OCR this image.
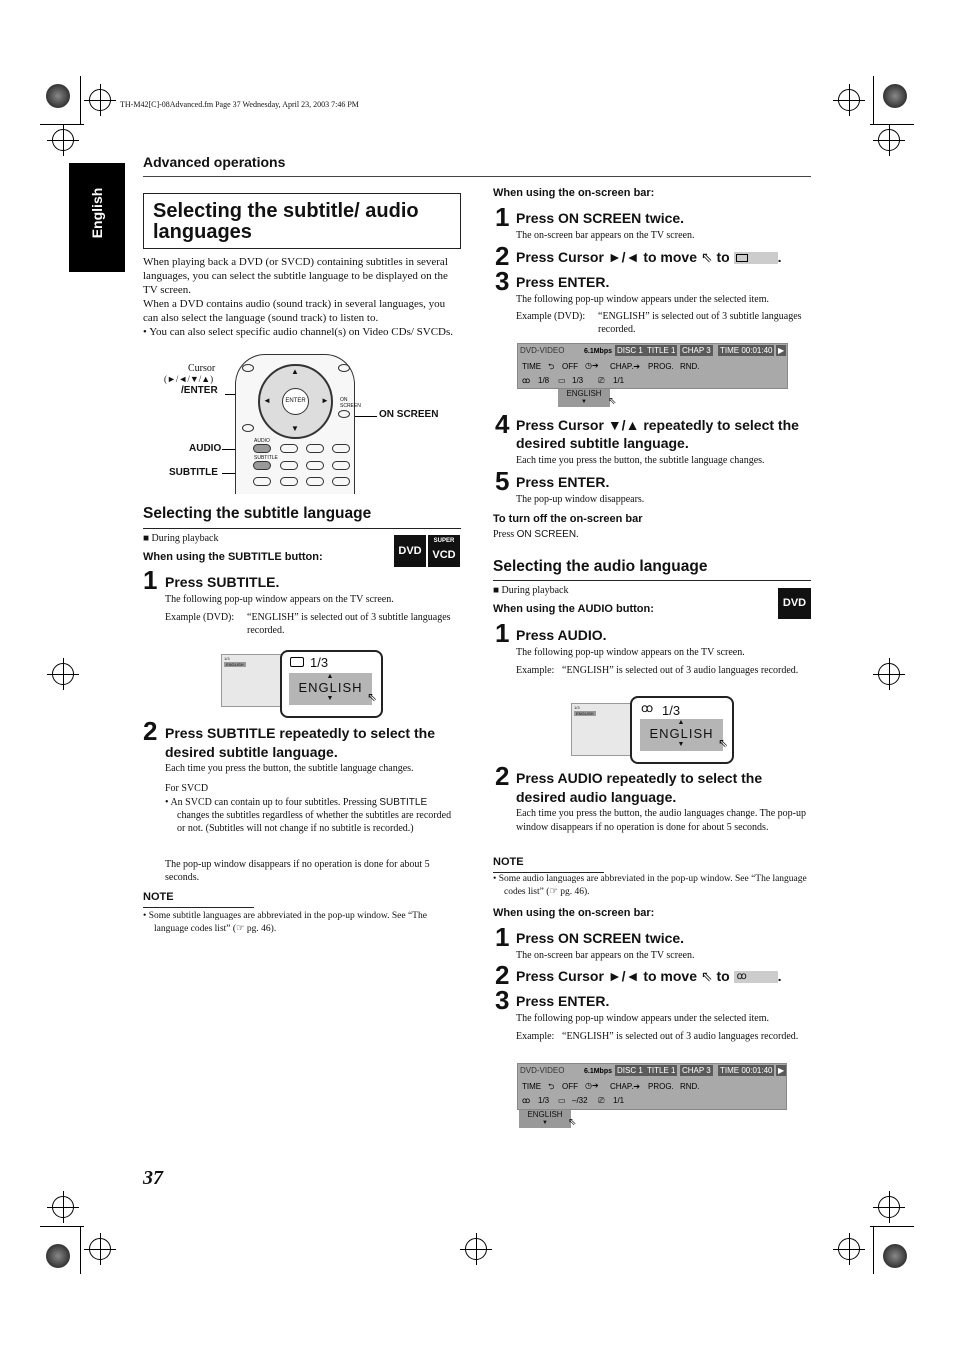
TH-M42[C]-08Advanced.fm Page 37 Wednesday, April 23, 2003 7:46 PM
English
Advanced operations
Selecting the subtitle/ audio languages

When playing back a DVD (or SVCD) containing subtitles in several languages, you can select the subtitle language to be displayed on the TV screen.

When a DVD contains audio (sound track) in several languages, you can also select the language (sound track) to listen to.

• You can also select specific audio channel(s) on Video CDs/ SVCDs.

Cursor
(►/◄/▼/▲)
/ENTER
AUDIO
SUBTITLE
ON SCREEN
▲
▼
◄	►
ENTER	ON SCREEN
AUDIO
SUBTITLE
Selecting the subtitle language
■ During playback
When using the SUBTITLE button:	DVD
SUPER
VCD
1 Press SUBTITLE.
The following pop-up window appears on the TV screen.
Example (DVD): “ENGLISH” is selected out of 3 subtitle languages recorded.
1/3
ENGLISH	1/3
▲
ENGLISH
▼	⇖
2 Press SUBTITLE repeatedly to select the desired subtitle language.
Each time you press the button, the subtitle language changes.
For SVCD
• An SVCD can contain up to four subtitles. Pressing SUBTITLE changes the subtitles regardless of whether the subtitles are recorded or not. (Subtitles will not change if no subtitle is recorded.)
The pop-up window disappears if no operation is done for about 5 seconds.
NOTE
• Some subtitle languages are abbreviated in the pop-up window. See “The language codes list” (☞ pg. 46).
When using the on-screen bar:
1 Press ON SCREEN twice.
The on-screen bar appears on the TV screen.
2 Press Cursor ►/◄ to move ⇖ to	.
3 Press ENTER.
The following pop-up window appears under the selected item.
Example (DVD): “ENGLISH” is selected out of 3 subtitle languages recorded.
DVD-VIDEO	6.1Mbps DISC 1 TITLE 1 CHAP 3 TIME 00:01:40 ▶
TIME ⮌ OFF ◷➔ CHAP.➔ PROG. RND.
ꝏ 1/8 ▭ 1/3 ⎚ 1/1
ENGLISH
▼	⇖
4 Press Cursor ▼/▲ repeatedly to select the desired subtitle language.
Each time you press the button, the subtitle language changes.
5 Press ENTER.
The pop-up window disappears.
To turn off the on-screen bar
Press ON SCREEN.
Selecting the audio language
■ During playback
When using the AUDIO button:	DVD
1 Press AUDIO.
The following pop-up window appears on the TV screen.
Example: “ENGLISH” is selected out of 3 audio languages recorded.
1/3
ENGLISH	ꝏ 1/3
▲
ENGLISH
▼	⇖
2 Press AUDIO repeatedly to select the desired audio language.
Each time you press the button, the audio languages change. The pop-up window disappears if no operation is done for about 5 seconds.
NOTE
• Some audio languages are abbreviated in the pop-up window. See “The language codes list” (☞ pg. 46).
When using the on-screen bar:
1 Press ON SCREEN twice.
The on-screen bar appears on the TV screen.
2 Press Cursor ►/◄ to move ⇖ to ꝏ .
3 Press ENTER.
The following pop-up window appears under the selected item.
Example: “ENGLISH” is selected out of 3 audio languages recorded.
DVD-VIDEO	6.1Mbps DISC 1 TITLE 1 CHAP 3 TIME 00:01:40 ▶
TIME ⮌ OFF ◷➔ CHAP.➔ PROG. RND.
ꝏ 1/3 ▭ –/32 ⎚ 1/1
ENGLISH
▼	⇖
37
